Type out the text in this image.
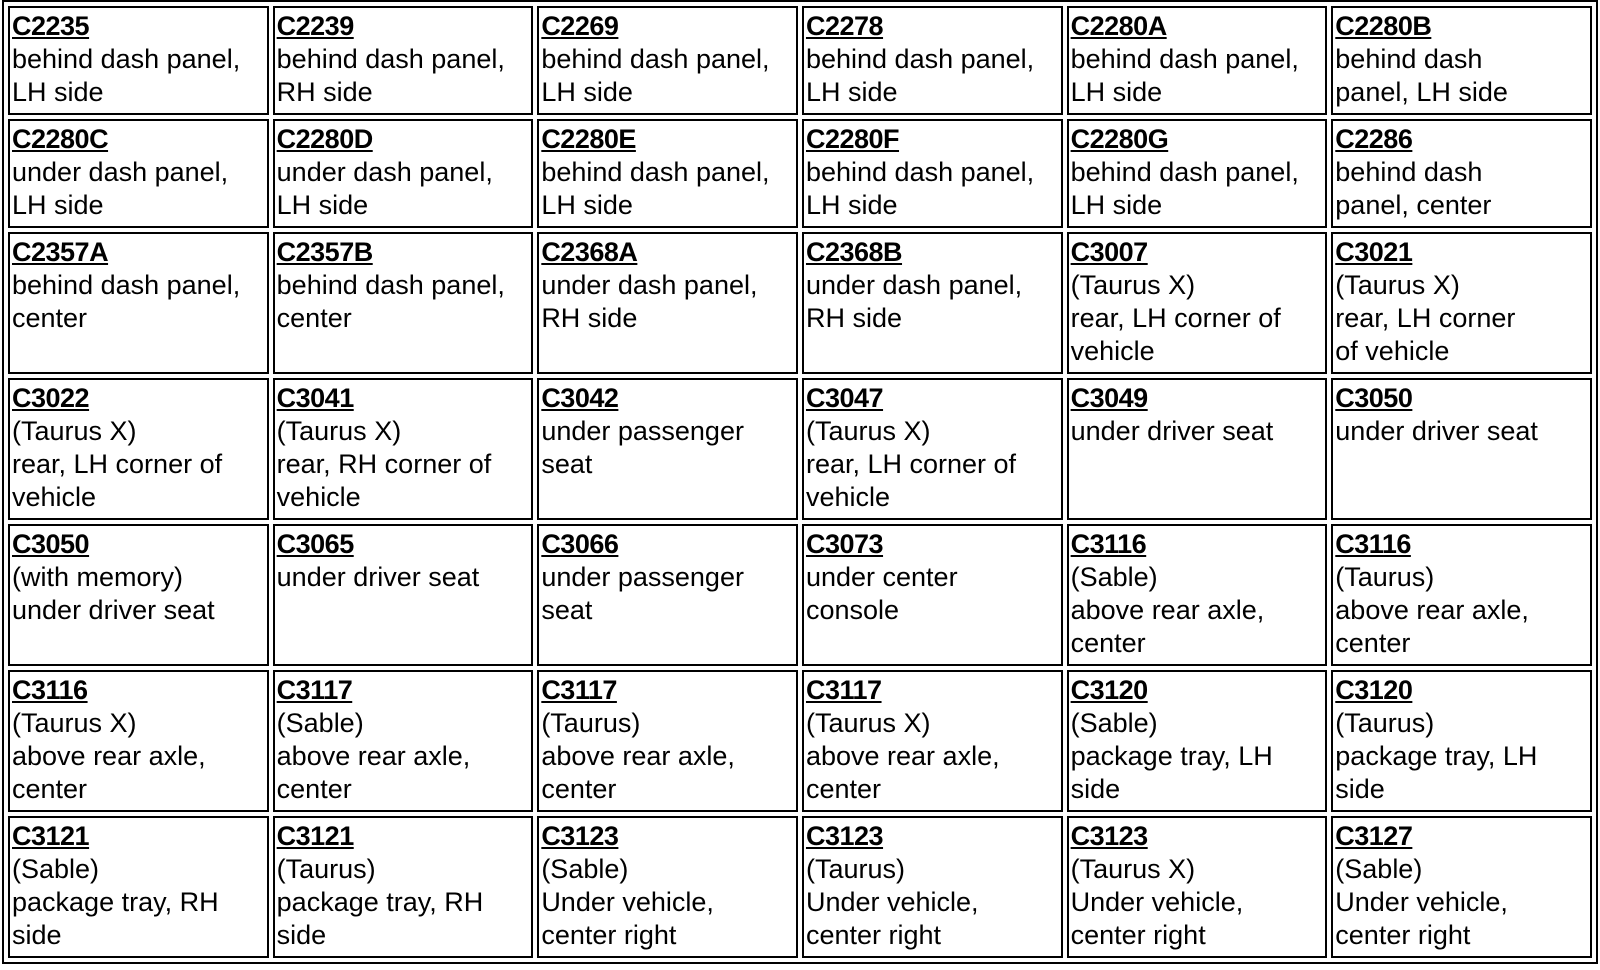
C2235
behind dash panel,
LH side	C2239
behind dash panel,
RH side	C2269
behind dash panel,
LH side	C2278
behind dash panel,
LH side	C2280A
behind dash panel,
LH side	C2280B
behind dash
panel, LH side

C2280C
under dash panel,
LH side	C2280D
under dash panel,
LH side	C2280E
behind dash panel,
LH side	C2280F
behind dash panel,
LH side	C2280G
behind dash panel,
LH side	C2286
behind dash
panel, center

C2357A
behind dash panel,
center	C2357B
behind dash panel,
center	C2368A
under dash panel,
RH side	C2368B
under dash panel,
RH side	C3007
(Taurus X)
rear, LH corner of
vehicle	C3021
(Taurus X)
rear, LH corner
of vehicle

C3022
(Taurus X)
rear, LH corner of
vehicle	C3041
(Taurus X)
rear, RH corner of
vehicle	C3042
under passenger
seat	C3047
(Taurus X)
rear, LH corner of
vehicle	C3049
under driver seat	C3050
under driver seat

C3050
(with memory)
under driver seat	C3065
under driver seat	C3066
under passenger
seat	C3073
under center
console	C3116
(Sable)
above rear axle,
center	C3116
(Taurus)
above rear axle,
center

C3116
(Taurus X)
above rear axle,
center	C3117
(Sable)
above rear axle,
center	C3117
(Taurus)
above rear axle,
center	C3117
(Taurus X)
above rear axle,
center	C3120
(Sable)
package tray, LH
side	C3120
(Taurus)
package tray, LH
side

C3121
(Sable)
package tray, RH
side	C3121
(Taurus)
package tray, RH
side	C3123
(Sable)
Under vehicle,
center right	C3123
(Taurus)
Under vehicle,
center right	C3123
(Taurus X)
Under vehicle,
center right	C3127
(Sable)
Under vehicle,
center right
